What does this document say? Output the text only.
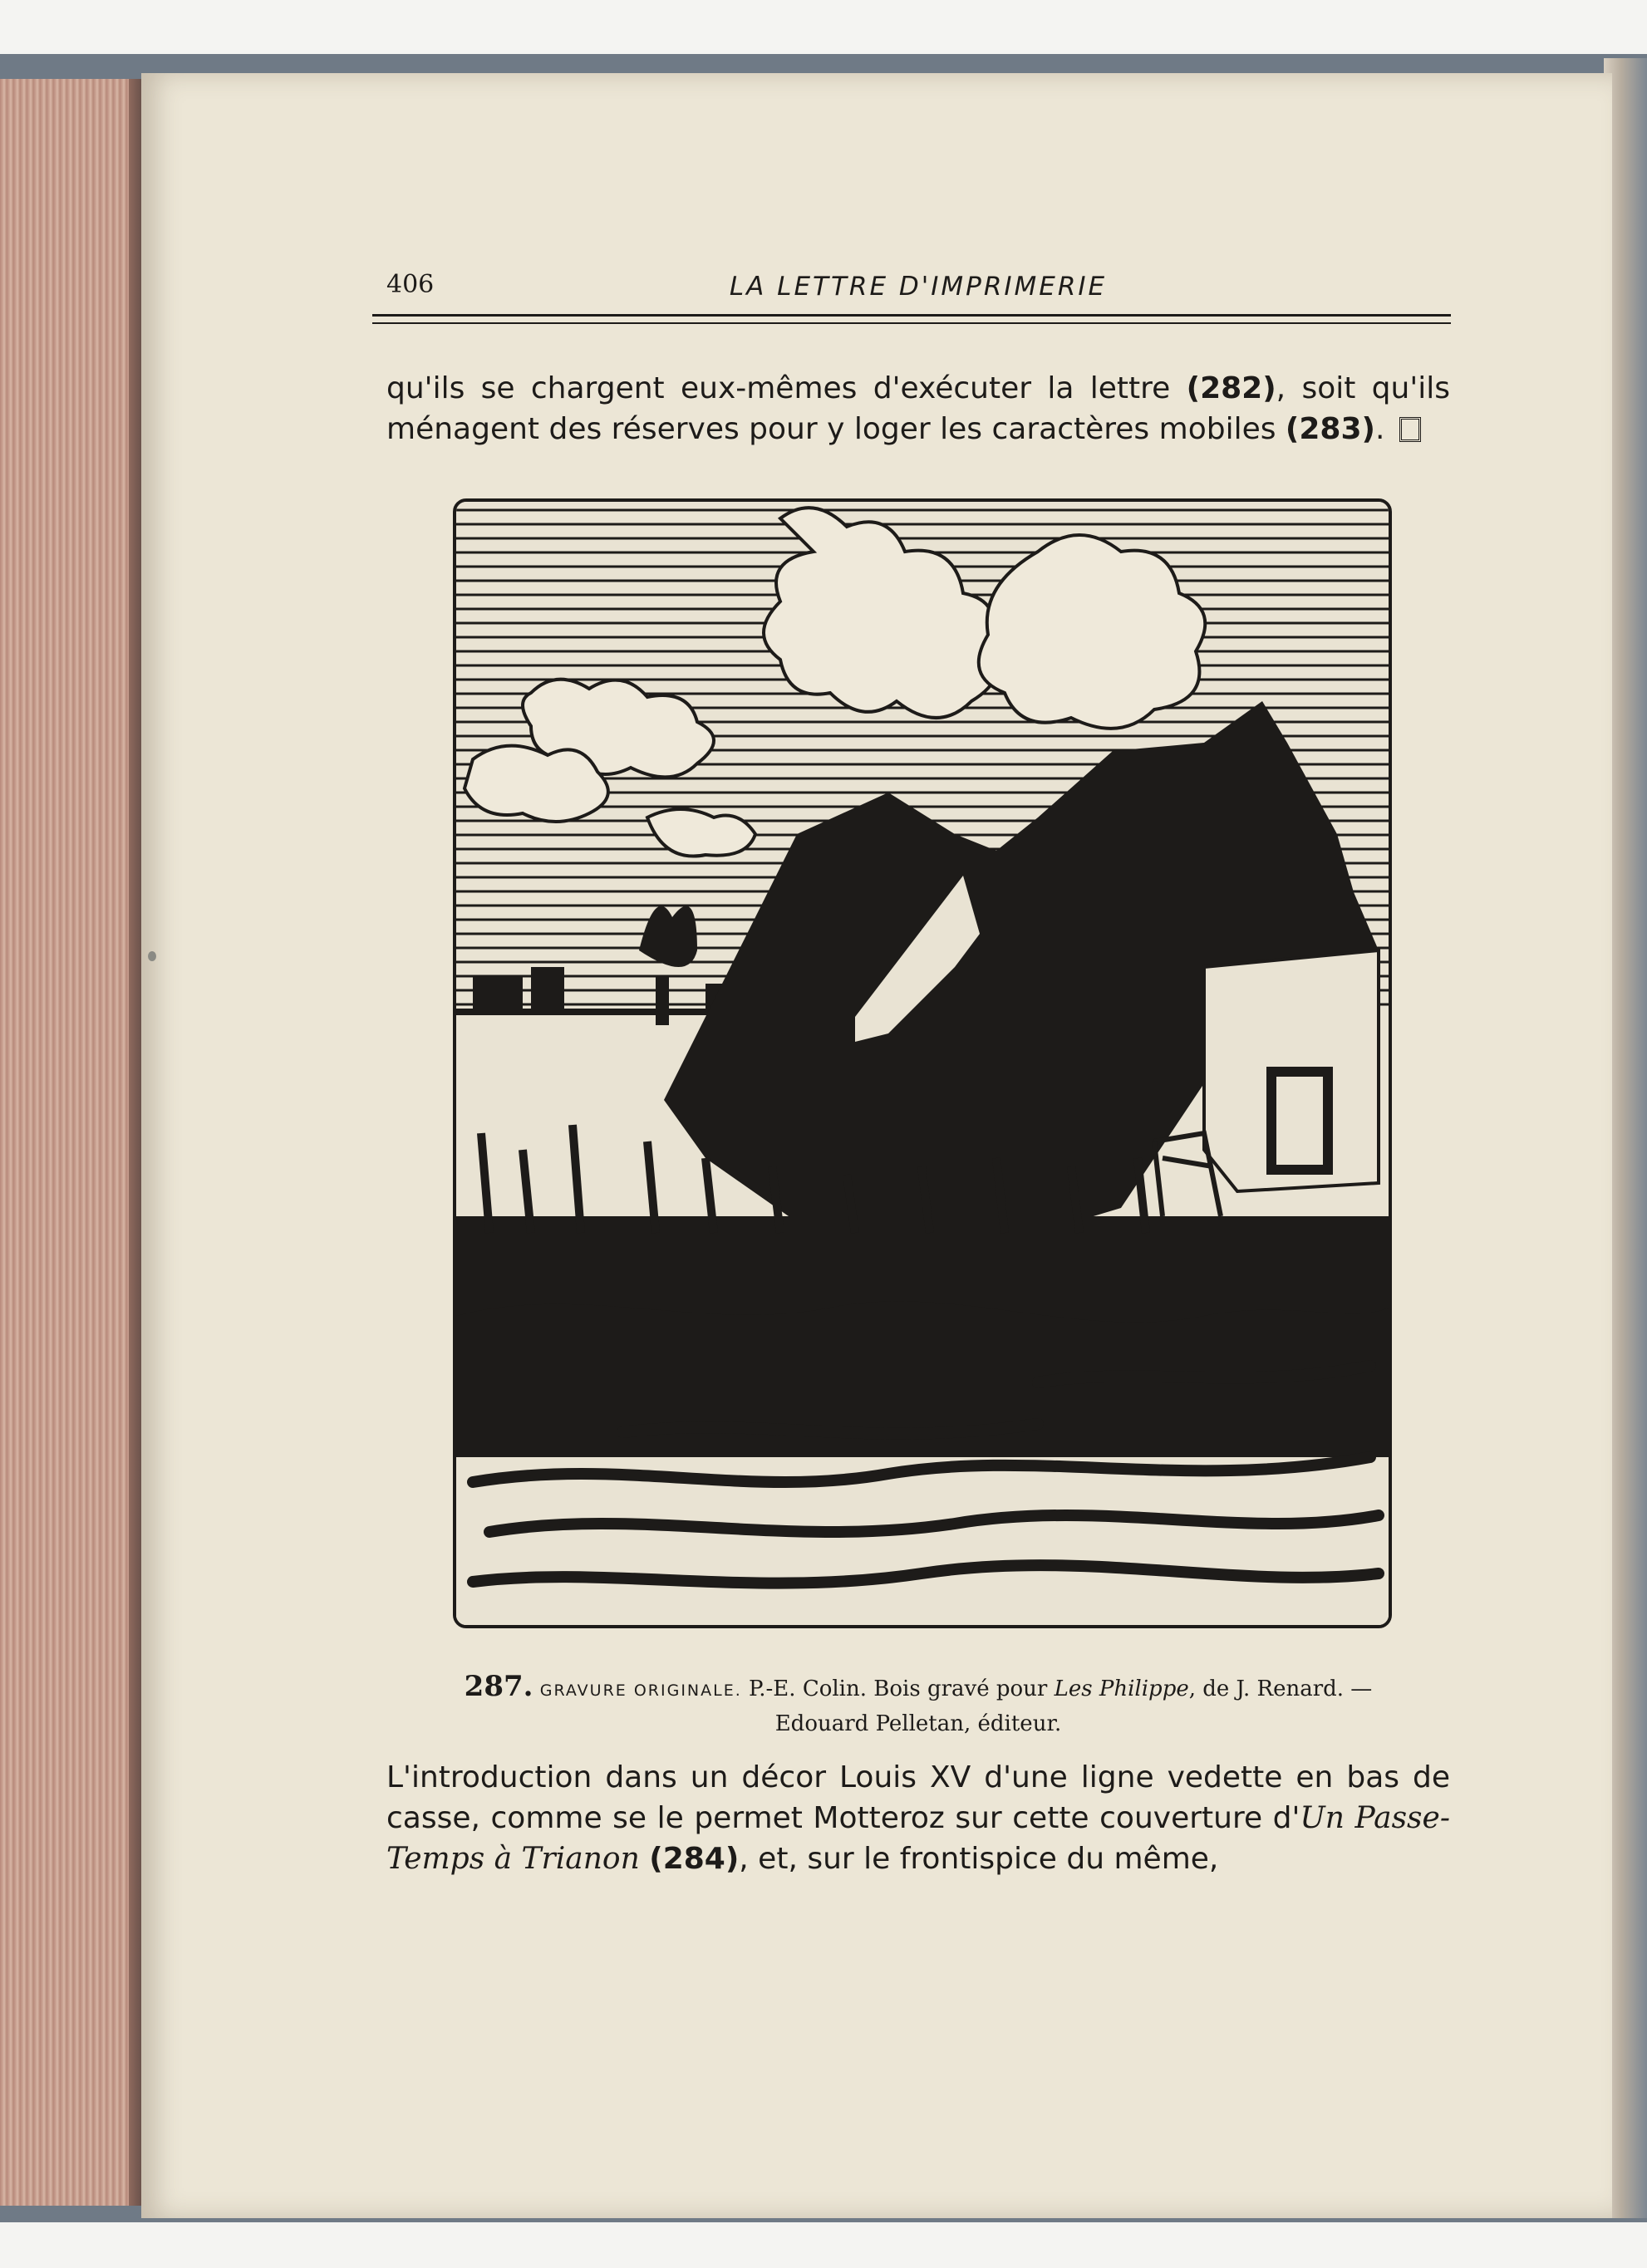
406	LA LETTRE D'IMPRIMERIE
qu'ils se chargent eux-mêmes d'exécuter la lettre (282), soit qu'ils ménagent des réserves pour y loger les caractères mobiles (283).
287. GRAVURE ORIGINALE. P.-E. Colin. Bois gravé pour Les Philippe, de J. Renard. —
Edouard Pelletan, éditeur.
L'introduction dans un décor Louis XV d'une ligne vedette en bas de casse, comme se le permet Motteroz sur cette couverture d'Un Passe-Temps à Trianon (284), et, sur le frontispice du même,
